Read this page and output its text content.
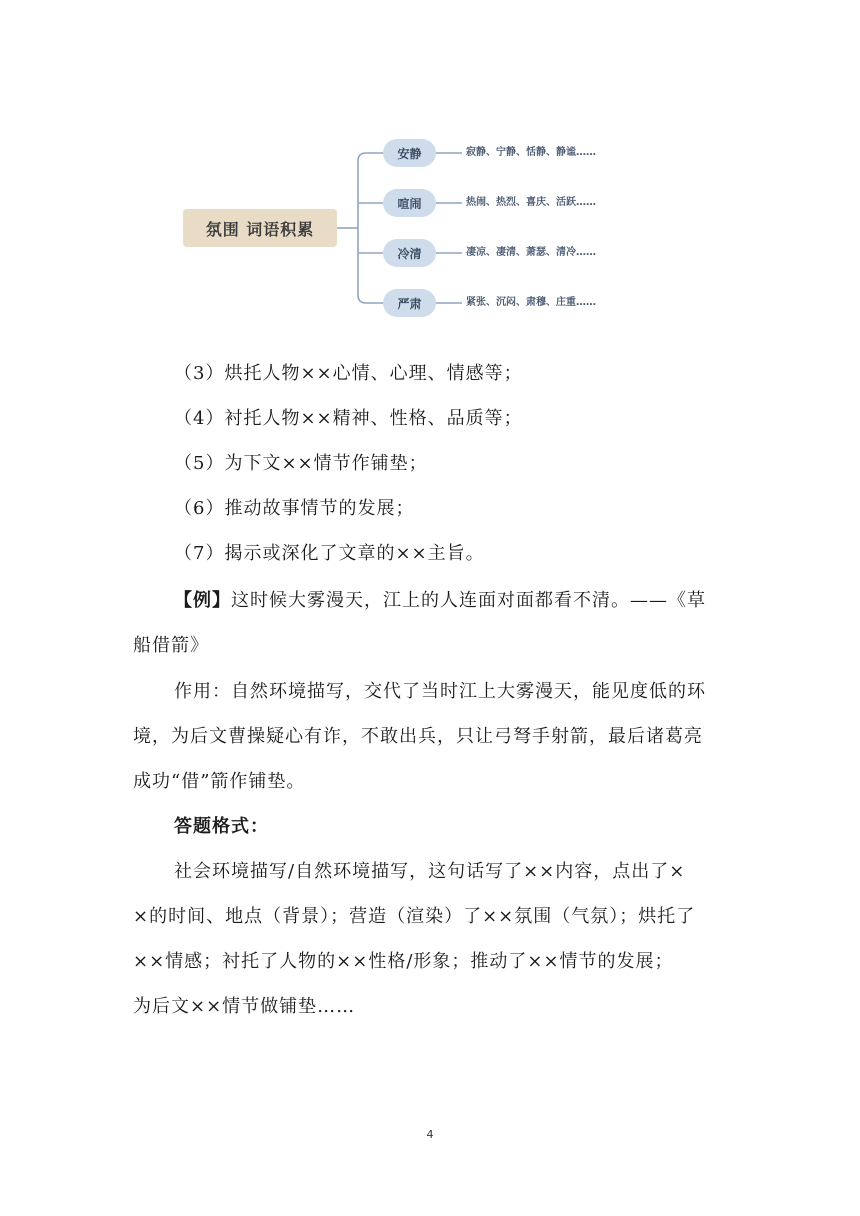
氛围 词语积累
安静
喧闹
冷清
严肃
寂静、宁静、恬静、静谧……
热闹、热烈、喜庆、活跃……
凄凉、凄清、萧瑟、清冷……
紧张、沉闷、肃穆、庄重……
（3）烘托人物××心情、心理、情感等；
（4）衬托人物××精神、性格、品质等；
（5）为下文××情节作铺垫；
（6）推动故事情节的发展；
（7）揭示或深化了文章的××主旨。
【例】这时候大雾漫天，江上的人连面对面都看不清。——《草
船借箭》
作用：自然环境描写，交代了当时江上大雾漫天，能见度低的环
境，为后文曹操疑心有诈，不敢出兵，只让弓弩手射箭，最后诸葛亮
成功“借”箭作铺垫。
答题格式：
社会环境描写/自然环境描写，这句话写了××内容，点出了×
×的时间、地点（背景）；营造（渲染）了××氛围（气氛）；烘托了
××情感；衬托了人物的××性格/形象；推动了××情节的发展；
为后文××情节做铺垫……
4
